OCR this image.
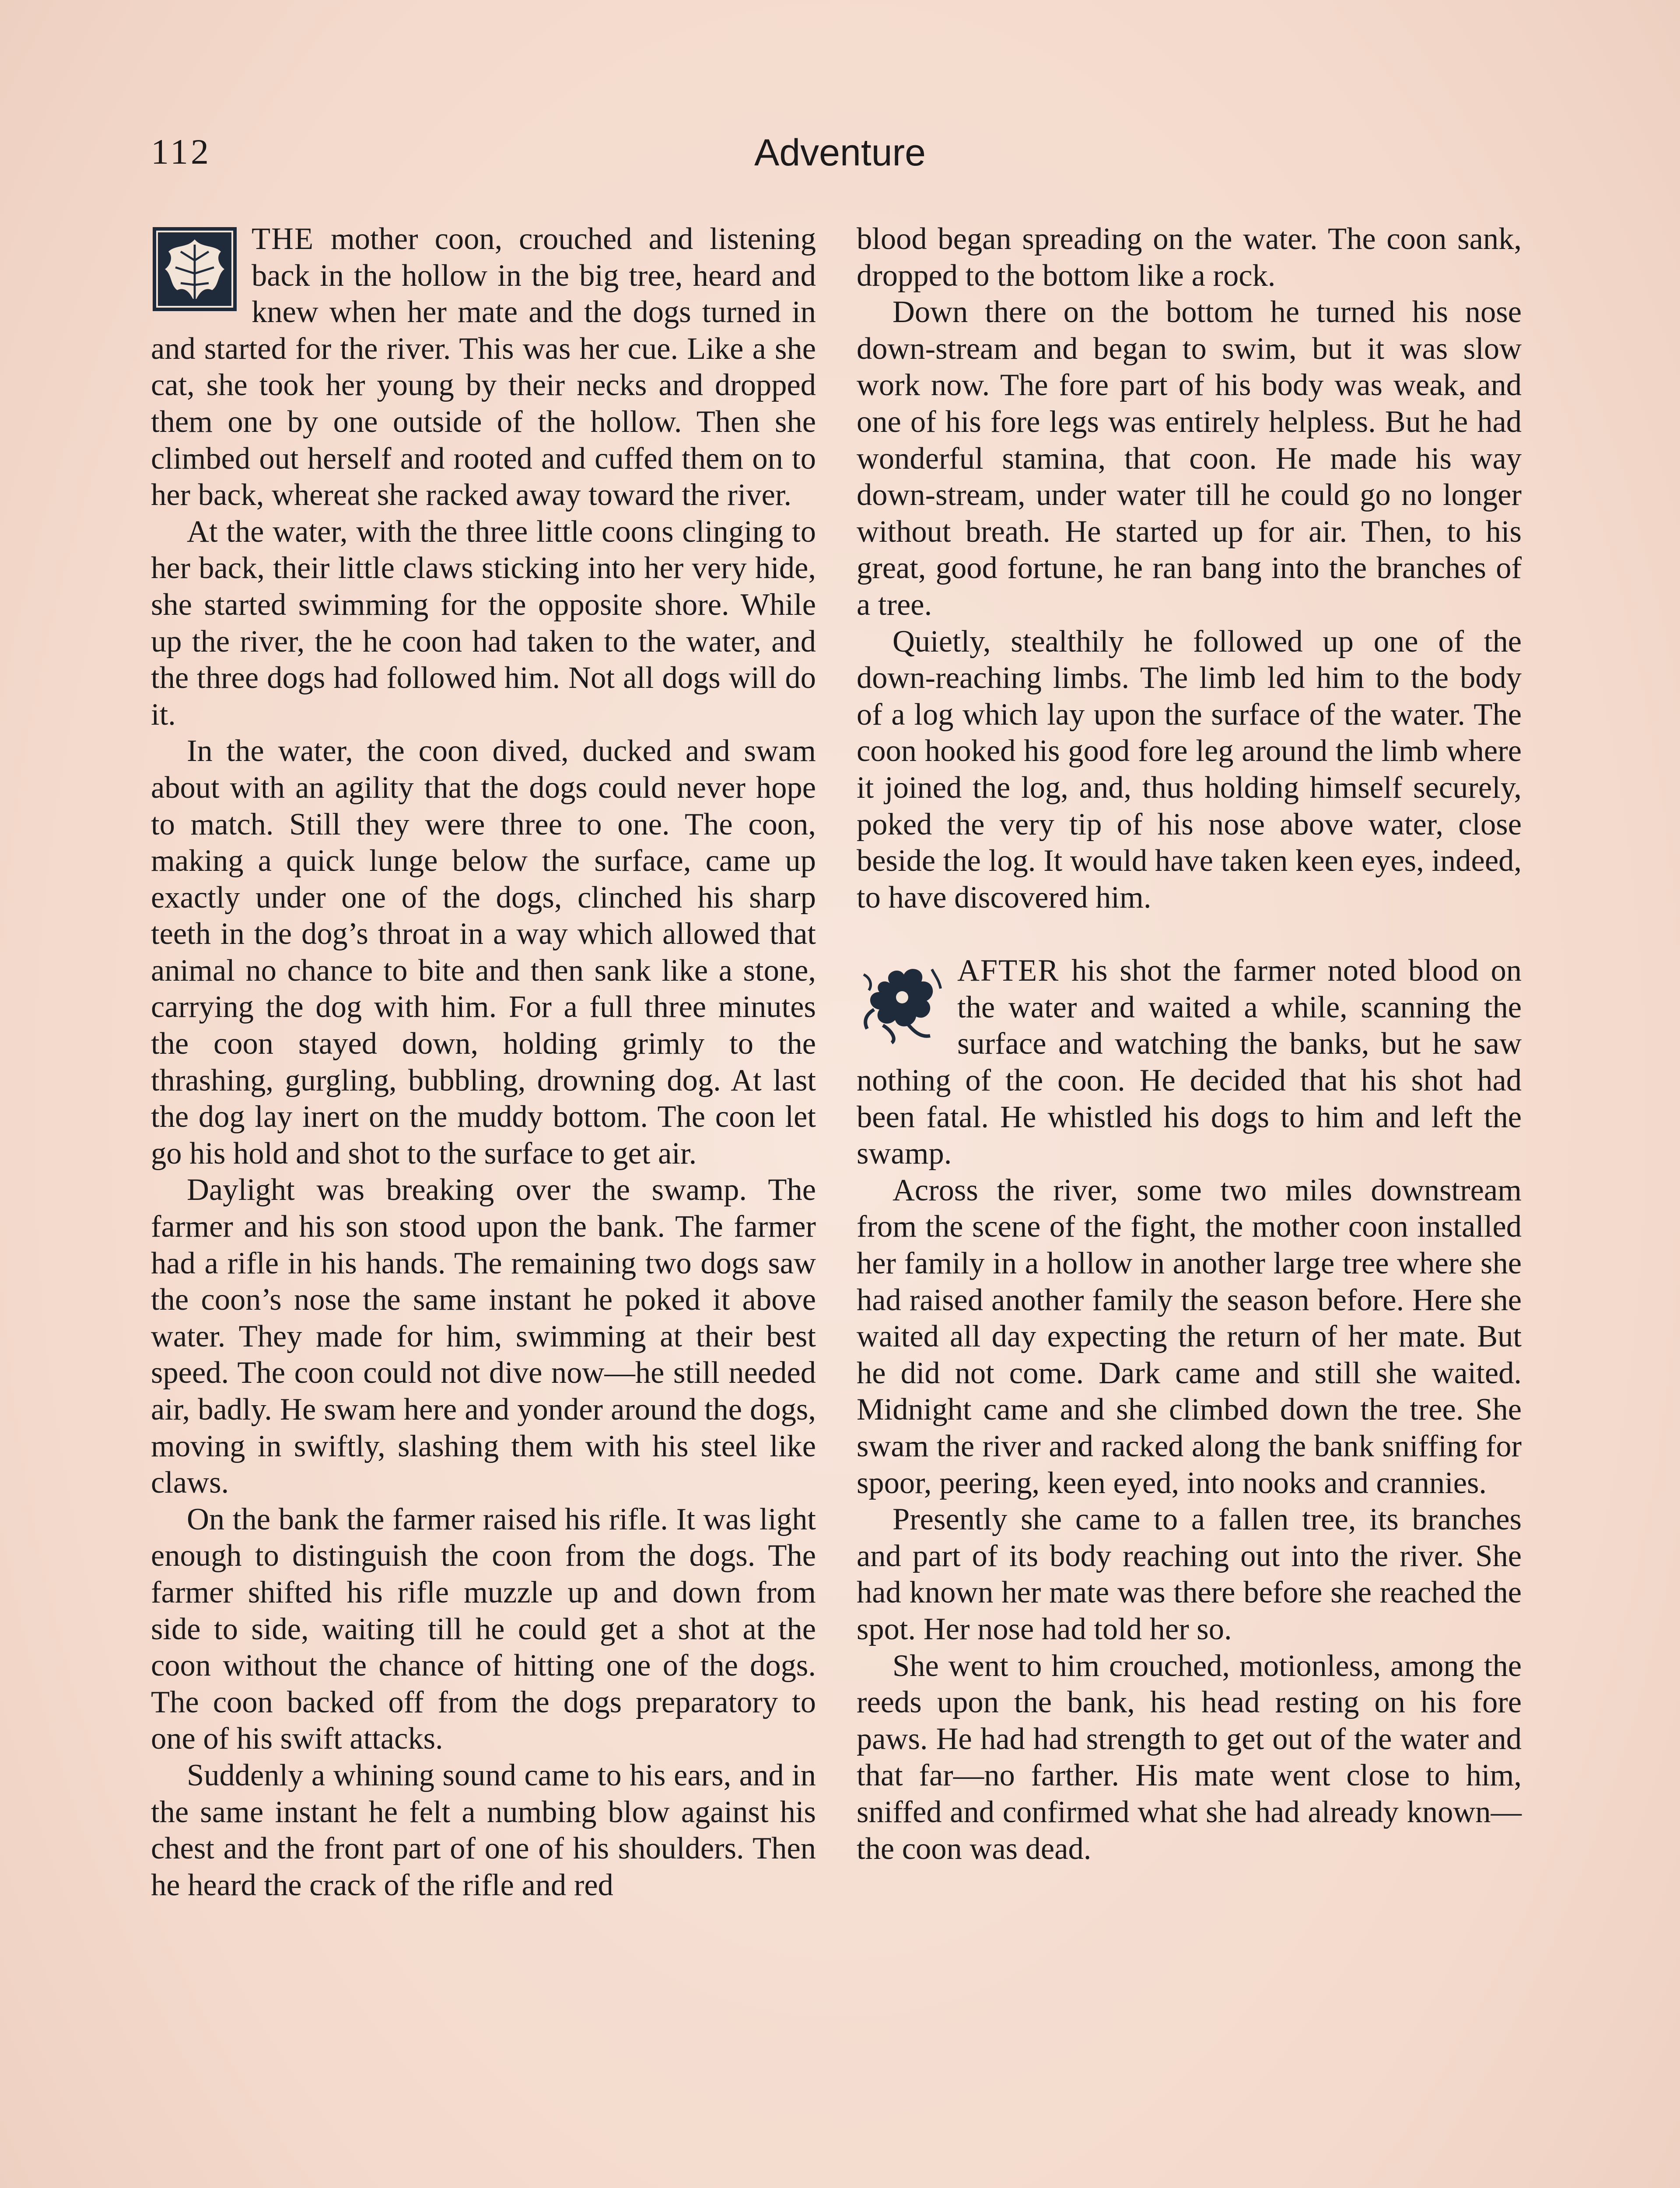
112	Adventure

THE mother coon, crouched and listening back in the hollow in the big tree, heard and knew when her mate and the dogs turned in and started for the river. This was her cue. Like a she cat, she took her young by their necks and dropped them one by one outside of the hollow. Then she climbed out herself and rooted and cuffed them on to her back, whereat she racked away toward the river.

At the water, with the three little coons clinging to her back, their little claws sticking into her very hide, she started swimming for the opposite shore. While up the river, the he coon had taken to the water, and the three dogs had followed him. Not all dogs will do it.

In the water, the coon dived, ducked and swam about with an agility that the dogs could never hope to match. Still they were three to one. The coon, making a quick lunge below the surface, came up exactly under one of the dogs, clinched his sharp teeth in the dog’s throat in a way which allowed that animal no chance to bite and then sank like a stone, carrying the dog with him. For a full three minutes the coon stayed down, holding grimly to the thrashing, gurgling, bubbling, drowning dog. At last the dog lay inert on the muddy bottom. The coon let go his hold and shot to the surface to get air.

Daylight was breaking over the swamp. The farmer and his son stood upon the bank. The farmer had a rifle in his hands. The remaining two dogs saw the coon’s nose the same instant he poked it above water. They made for him, swimming at their best speed. The coon could not dive now—he still needed air, badly. He swam here and yonder around the dogs, moving in swiftly, slashing them with his steel like claws.

On the bank the farmer raised his rifle. It was light enough to distinguish the coon from the dogs. The farmer shifted his rifle muzzle up and down from side to side, waiting till he could get a shot at the coon without the chance of hitting one of the dogs. The coon backed off from the dogs preparatory to one of his swift attacks.

Suddenly a whining sound came to his ears, and in the same instant he felt a numbing blow against his chest and the front part of one of his shoulders. Then he heard the crack of the rifle and red

blood began spreading on the water. The coon sank, dropped to the bottom like a rock.

Down there on the bottom he turned his nose down-stream and began to swim, but it was slow work now. The fore part of his body was weak, and one of his fore legs was entirely helpless. But he had wonderful stamina, that coon. He made his way down-stream, under water till he could go no longer without breath. He started up for air. Then, to his great, good fortune, he ran bang into the branches of a tree.

Quietly, stealthily he followed up one of the down-reaching limbs. The limb led him to the body of a log which lay upon the surface of the water. The coon hooked his good fore leg around the limb where it joined the log, and, thus holding himself securely, poked the very tip of his nose above water, close beside the log. It would have taken keen eyes, indeed, to have discovered him.

AFTER his shot the farmer noted blood on the water and waited a while, scanning the surface and watching the banks, but he saw nothing of the coon. He decided that his shot had been fatal. He whistled his dogs to him and left the swamp.

Across the river, some two miles downstream from the scene of the fight, the mother coon installed her family in a hollow in another large tree where she had raised another family the season before. Here she waited all day expecting the return of her mate. But he did not come. Dark came and still she waited. Midnight came and she climbed down the tree. She swam the river and racked along the bank sniffing for spoor, peering, keen eyed, into nooks and crannies.

Presently she came to a fallen tree, its branches and part of its body reaching out into the river. She had known her mate was there before she reached the spot. Her nose had told her so.

She went to him crouched, motionless, among the reeds upon the bank, his head resting on his fore paws. He had had strength to get out of the water and that far—no farther. His mate went close to him, sniffed and confirmed what she had already known—the coon was dead.
